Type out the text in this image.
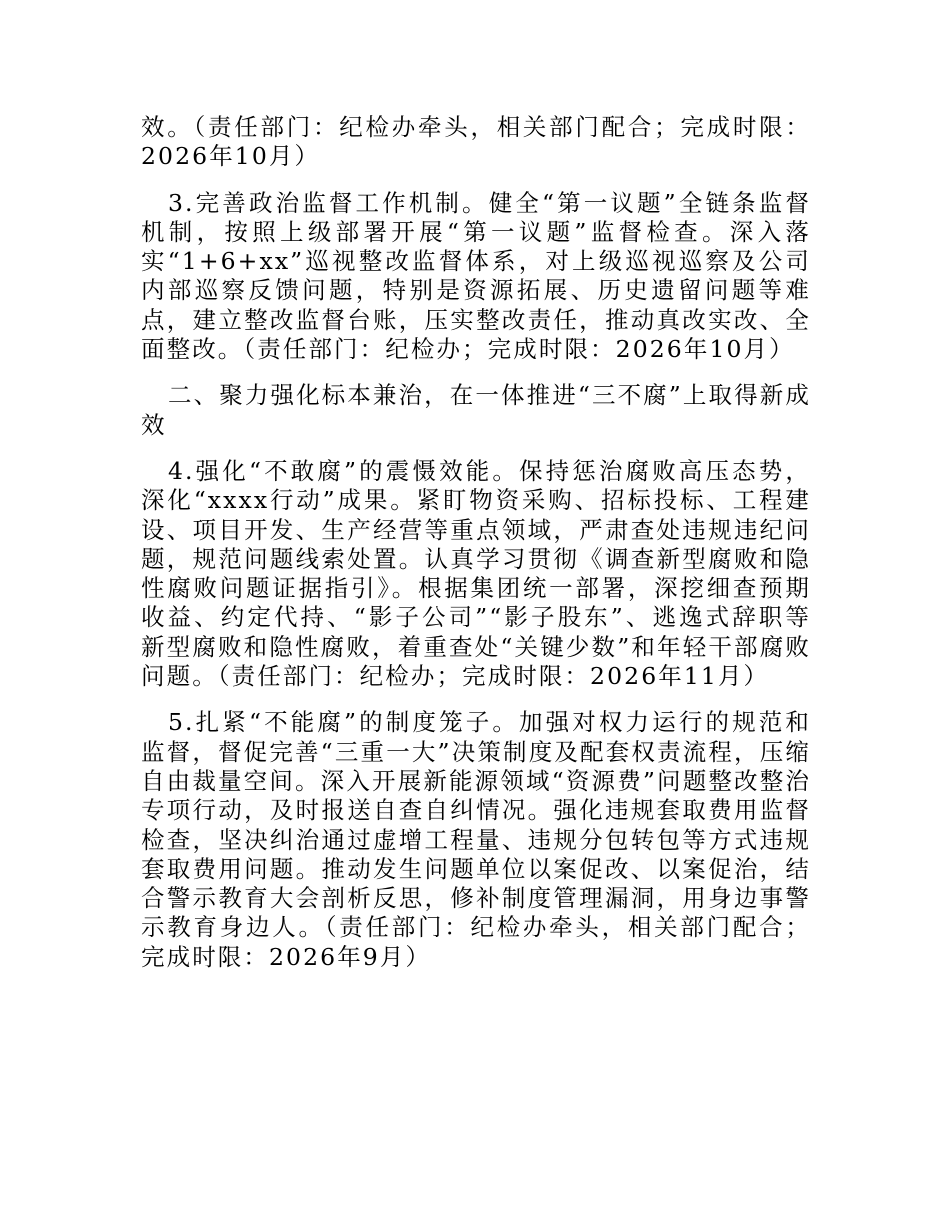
效。（责任部门：纪检办牵头，相关部门配合；完成时限：2026年10月）

3.完善政治监督工作机制。健全“第一议题”全链条监督机制，按照上级部署开展“第一议题”监督检查。深入落实“1+6+xx”巡视整改监督体系，对上级巡视巡察及公司内部巡察反馈问题，特别是资源拓展、历史遗留问题等难点，建立整改监督台账，压实整改责任，推动真改实改、全面整改。（责任部门：纪检办；完成时限：2026年10月）

二、聚力强化标本兼治，在一体推进“三不腐”上取得新成效

4.强化“不敢腐”的震慑效能。保持惩治腐败高压态势，深化“xxxx行动”成果。紧盯物资采购、招标投标、工程建设、项目开发、生产经营等重点领域，严肃查处违规违纪问题，规范问题线索处置。认真学习贯彻《调查新型腐败和隐性腐败问题证据指引》。根据集团统一部署，深挖细查预期收益、约定代持、“影子公司”“影子股东”、逃逸式辞职等新型腐败和隐性腐败，着重查处“关键少数”和年轻干部腐败问题。（责任部门：纪检办；完成时限：2026年11月）

5.扎紧“不能腐”的制度笼子。加强对权力运行的规范和监督，督促完善“三重一大”决策制度及配套权责流程，压缩自由裁量空间。深入开展新能源领域“资源费”问题整改整治专项行动，及时报送自查自纠情况。强化违规套取费用监督检查，坚决纠治通过虚增工程量、违规分包转包等方式违规套取费用问题。推动发生问题单位以案促改、以案促治，结合警示教育大会剖析反思，修补制度管理漏洞，用身边事警示教育身边人。（责任部门：纪检办牵头，相关部门配合；完成时限：2026年9月）
